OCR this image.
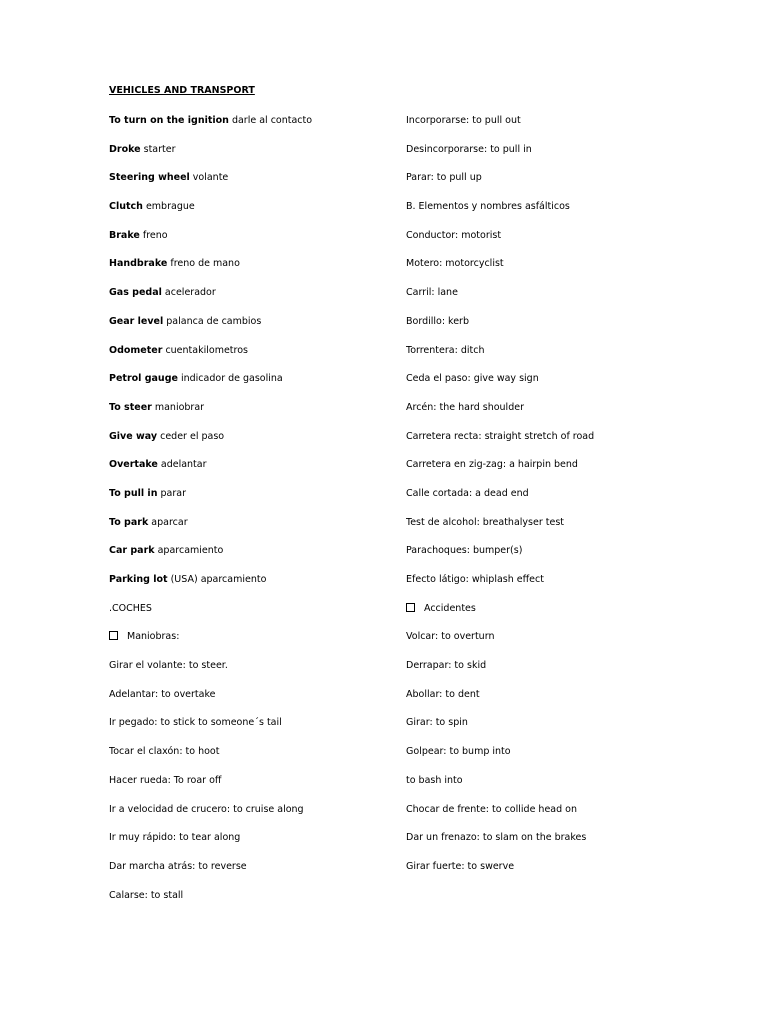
VEHICLES AND TRANSPORT
To turn on the ignition darle al contacto
Droke starter
Steering wheel volante
Clutch embrague
Brake freno
Handbrake freno de mano
Gas pedal acelerador
Gear level palanca de cambios
Odometer cuentakilometros
Petrol gauge indicador de gasolina
To steer maniobrar
Give way ceder el paso
Overtake adelantar
To pull in parar
To park aparcar
Car park aparcamiento
Parking lot (USA) aparcamiento
.COCHES
Maniobras:
Girar el volante: to steer.
Adelantar: to overtake
Ir pegado: to stick to someone´s tail
Tocar el claxón: to hoot
Hacer rueda: To roar off
Ir a velocidad de crucero: to cruise along
Ir muy rápido: to tear along
Dar marcha atrás: to reverse
Calarse: to stall
Incorporarse: to pull out
Desincorporarse: to pull in
Parar: to pull up
B. Elementos y nombres asfálticos
Conductor: motorist
Motero: motorcyclist
Carril: lane
Bordillo: kerb
Torrentera: ditch
Ceda el paso: give way sign
Arcén: the hard shoulder
Carretera recta: straight stretch of road
Carretera en zig-zag: a hairpin bend
Calle cortada: a dead end
Test de alcohol: breathalyser test
Parachoques: bumper(s)
Efecto látigo: whiplash effect
Accidentes
Volcar: to overturn
Derrapar: to skid
Abollar: to dent
Girar: to spin
Golpear: to bump into
to bash into
Chocar de frente: to collide head on
Dar un frenazo: to slam on the brakes
Girar fuerte: to swerve
